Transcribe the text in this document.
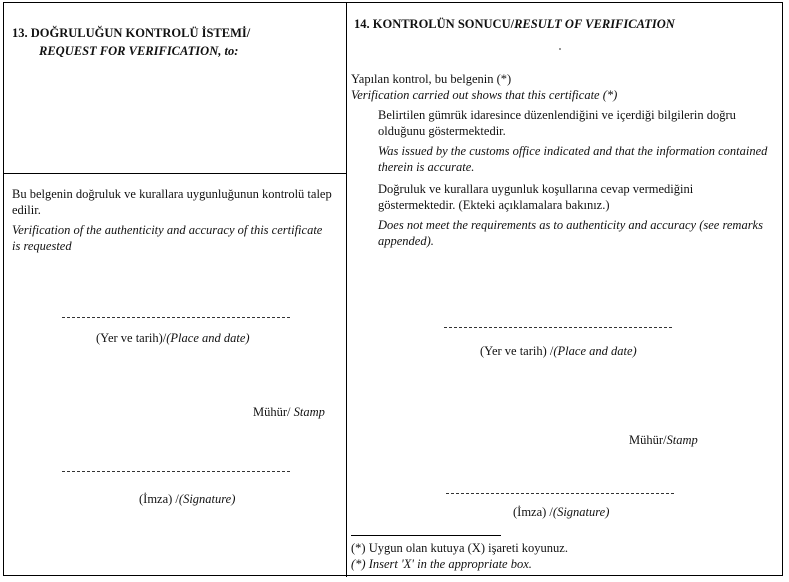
13. DOĞRULUĞUN KONTROLÜ İSTEMİ/
REQUEST FOR VERIFICATION, to:
Bu belgenin doğruluk ve kurallara uygunluğunun kontrolü talep
edilir.
Verification of the authenticity and accuracy of this certificate
is requested
(Yer ve tarih)/(Place and date)
Mühür/ Stamp
(İmza) /(Signature)
14. KONTROLÜN SONUCU/RESULT OF VERIFICATION
Yapılan kontrol, bu belgenin (*)
Verification carried out shows that this certificate (*)
Belirtilen gümrük idaresince düzenlendiğini ve içerdiği bilgilerin doğru
olduğunu göstermektedir.
Was issued by the customs office indicated and that the information contained
therein is accurate.
Doğruluk ve kurallara uygunluk koşullarına cevap vermediğini
göstermektedir. (Ekteki açıklamalara bakınız.)
Does not meet the requirements as to authenticity and accuracy (see remarks
appended).
(Yer ve tarih) /(Place and date)
Mühür/Stamp
(İmza) /(Signature)
(*) Uygun olan kutuya (X) işareti koyunuz.
(*) Insert 'X' in the appropriate box.
